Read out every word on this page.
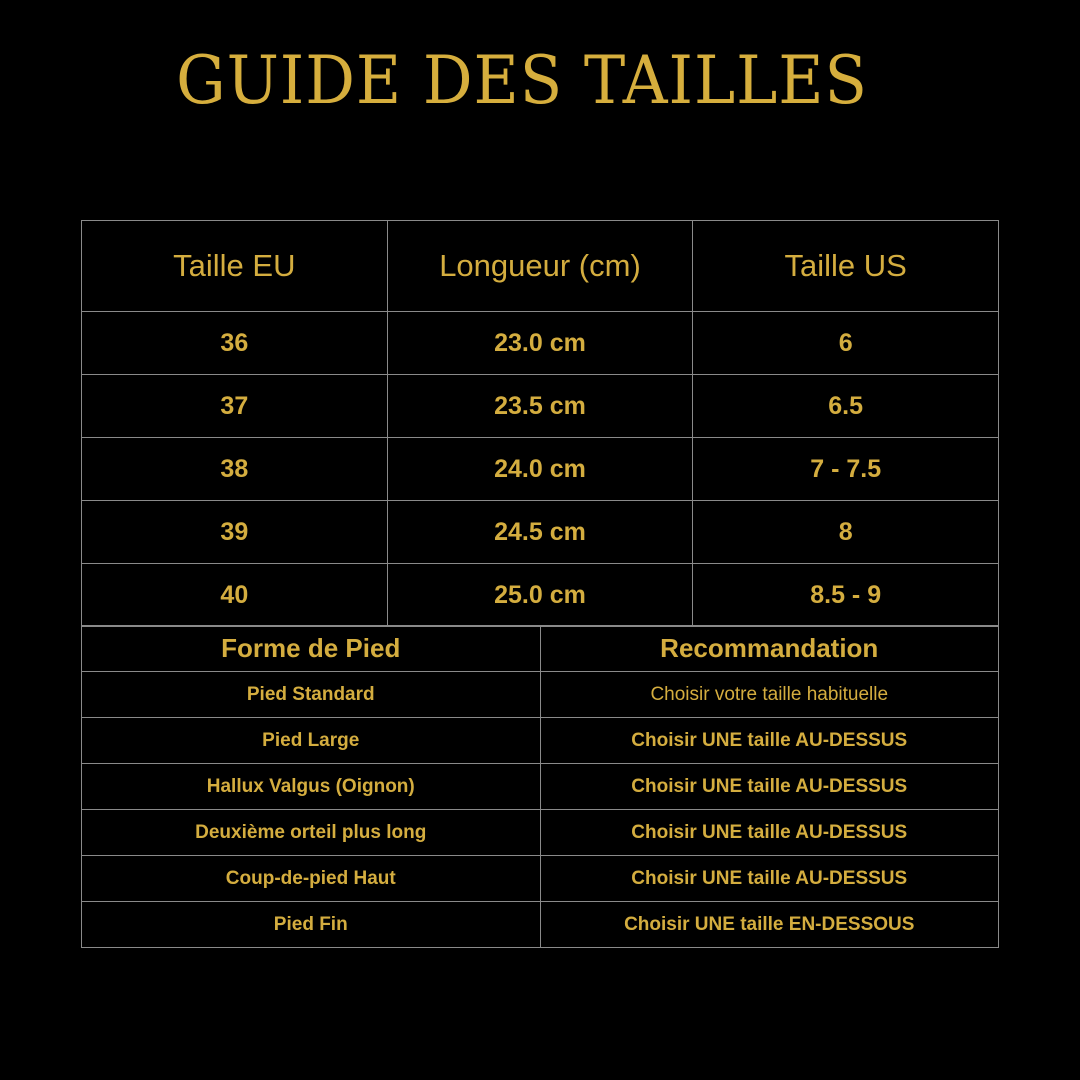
GUIDE DES TAILLES
Taille EU	Longueur (cm)	Taille US
36	23.0 cm	6
37	23.5 cm	6.5
38	24.0 cm	7 - 7.5
39	24.5 cm	8
40	25.0 cm	8.5 - 9
Forme de Pied	Recommandation
Pied Standard	Choisir votre taille habituelle
Pied Large	Choisir UNE taille AU-DESSUS
Hallux Valgus (Oignon)	Choisir UNE taille AU-DESSUS
Deuxième orteil plus long	Choisir UNE taille AU-DESSUS
Coup-de-pied Haut	Choisir UNE taille AU-DESSUS
Pied Fin	Choisir UNE taille EN-DESSOUS
